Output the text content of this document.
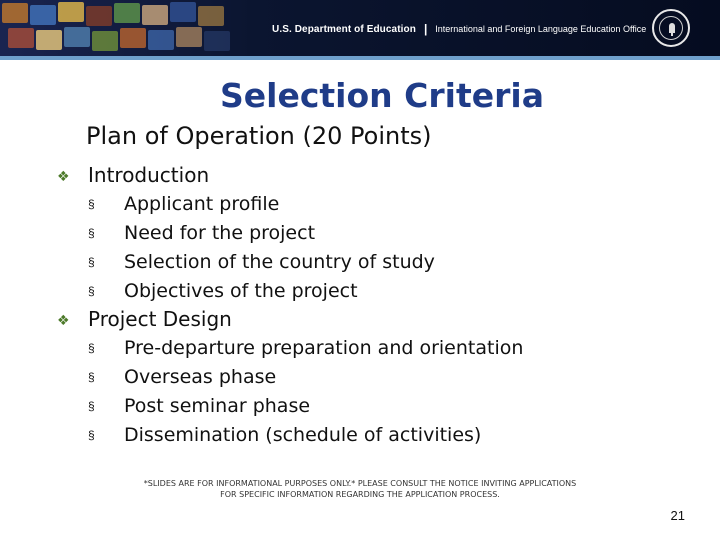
U.S. Department of Education | International and Foreign Language Education Office
Selection Criteria
Plan of Operation (20 Points)
❖ Introduction
§ Applicant profile
§ Need for the project
§ Selection of the country of study
§ Objectives of the project
❖ Project Design
§ Pre-departure preparation and orientation
§ Overseas phase
§ Post seminar phase
§ Dissemination (schedule of activities)
*SLIDES ARE FOR INFORMATIONAL PURPOSES ONLY.* PLEASE CONSULT THE NOTICE INVITING APPLICATIONS
FOR SPECIFIC INFORMATION REGARDING THE APPLICATION PROCESS.
21
